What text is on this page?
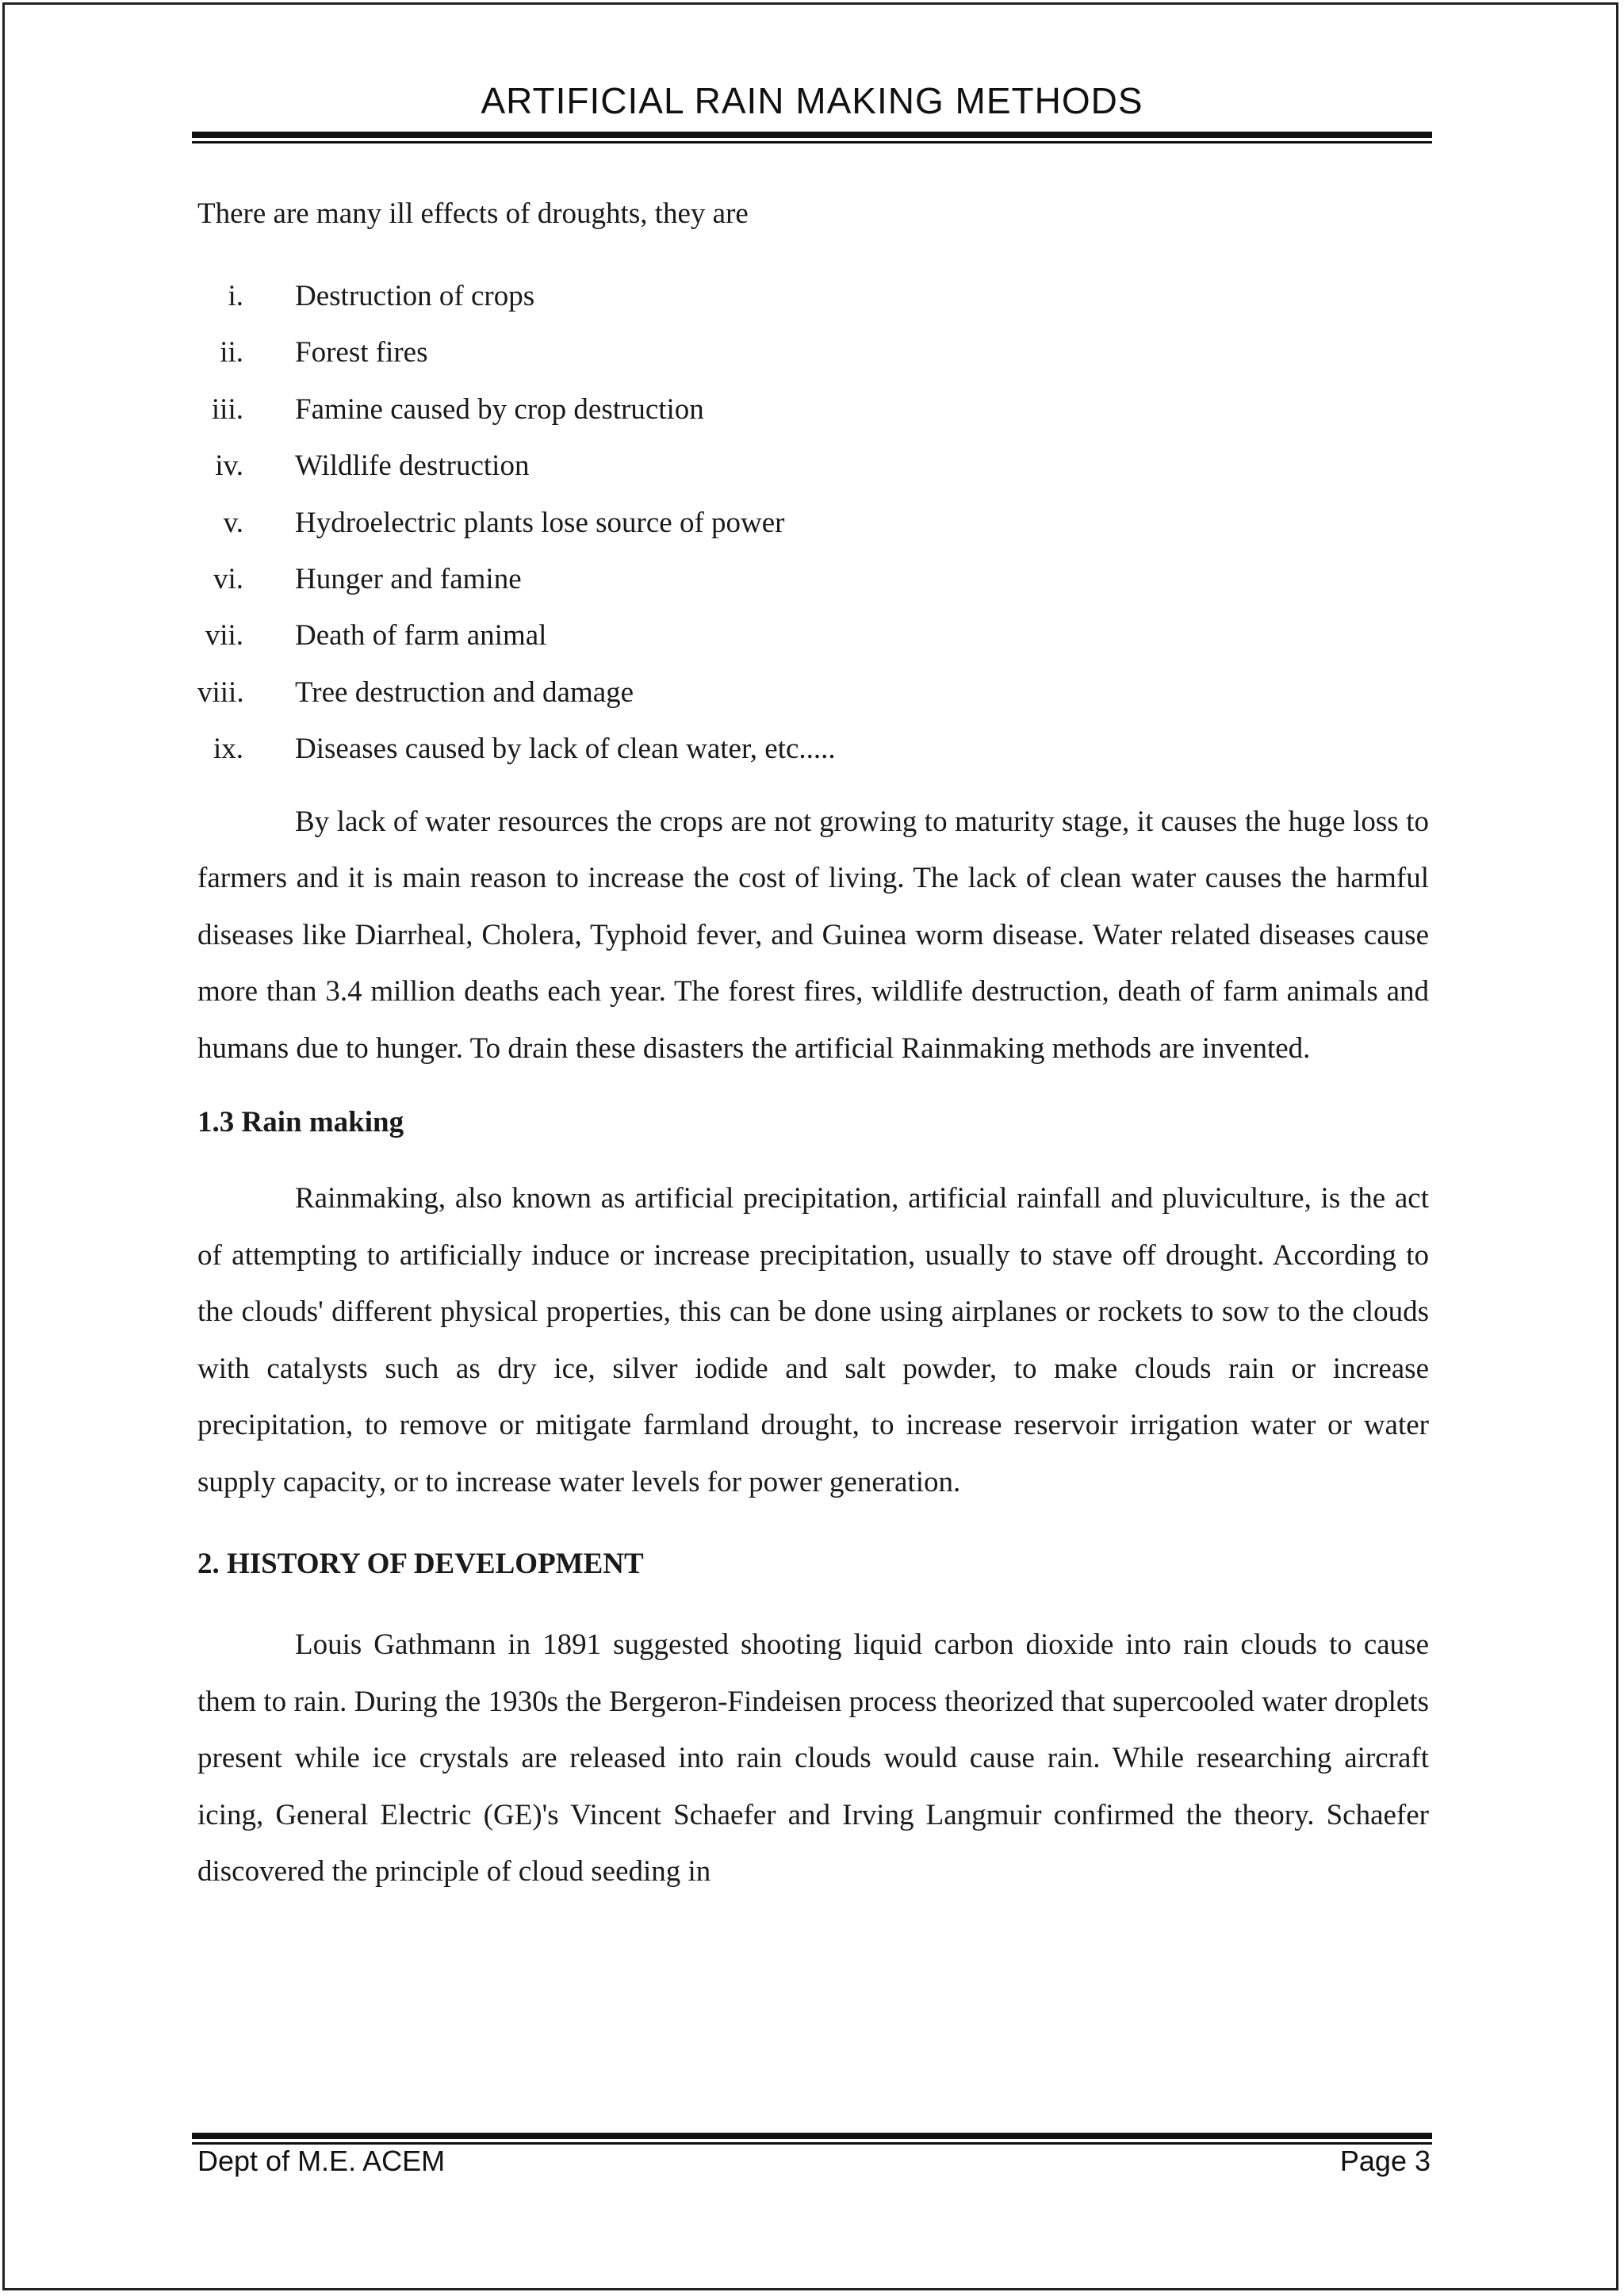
ARTIFICIAL RAIN MAKING METHODS

There are many ill effects of droughts, they are

i. Destruction of crops
ii. Forest fires
iii. Famine caused by crop destruction
iv. Wildlife destruction
v. Hydroelectric plants lose source of power
vi. Hunger and famine
vii. Death of farm animal
viii. Tree destruction and damage
ix. Diseases caused by lack of clean water, etc.....

By lack of water resources the crops are not growing to maturity stage, it causes the huge loss to farmers and it is main reason to increase the cost of living. The lack of clean water causes the harmful diseases like Diarrheal, Cholera, Typhoid fever, and Guinea worm disease. Water related diseases cause more than 3.4 million deaths each year. The forest fires, wildlife destruction, death of farm animals and humans due to hunger. To drain these disasters the artificial Rainmaking methods are invented.

1.3 Rain making

Rainmaking, also known as artificial precipitation, artificial rainfall and pluviculture, is the act of attempting to artificially induce or increase precipitation, usually to stave off drought. According to the clouds' different physical properties, this can be done using airplanes or rockets to sow to the clouds with catalysts such as dry ice, silver iodide and salt powder, to make clouds rain or increase precipitation, to remove or mitigate farmland drought, to increase reservoir irrigation water or water supply capacity, or to increase water levels for power generation.

2. HISTORY OF DEVELOPMENT

Louis Gathmann in 1891 suggested shooting liquid carbon dioxide into rain clouds to cause them to rain. During the 1930s the Bergeron-Findeisen process theorized that supercooled water droplets present while ice crystals are released into rain clouds would cause rain. While researching aircraft icing, General Electric (GE)'s Vincent Schaefer and Irving Langmuir confirmed the theory. Schaefer discovered the principle of cloud seeding in

Dept of M.E. ACEM	Page 3
